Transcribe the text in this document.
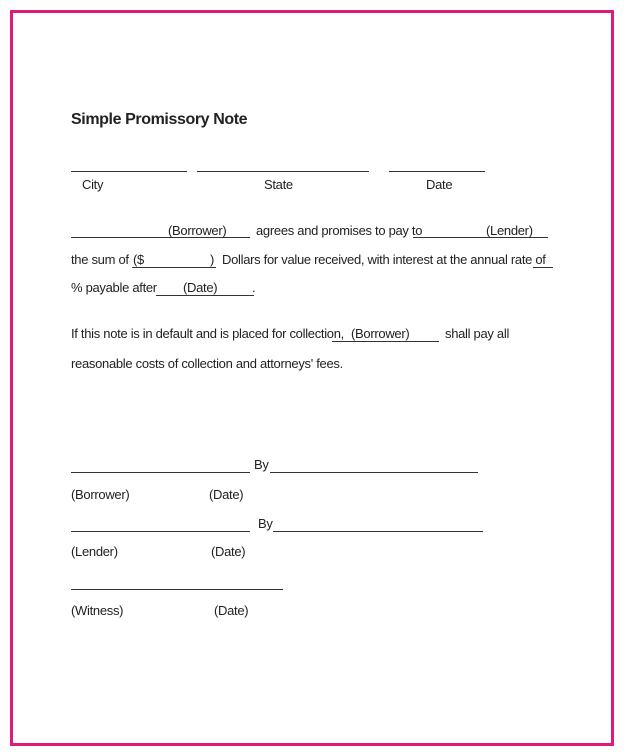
Simple Promissory Note
City	State	Date
(Borrower) agrees and promises to pay to	(Lender)
the sum of ($	) Dollars for value received, with interest at the annual rate of
% payable after (Date)	.
If this note is in default and is placed for collection, (Borrower)	shall pay all
reasonable costs of collection and attorneys' fees.
By
(Borrower)	(Date)
By
(Lender)	(Date)
(Witness)	(Date)
